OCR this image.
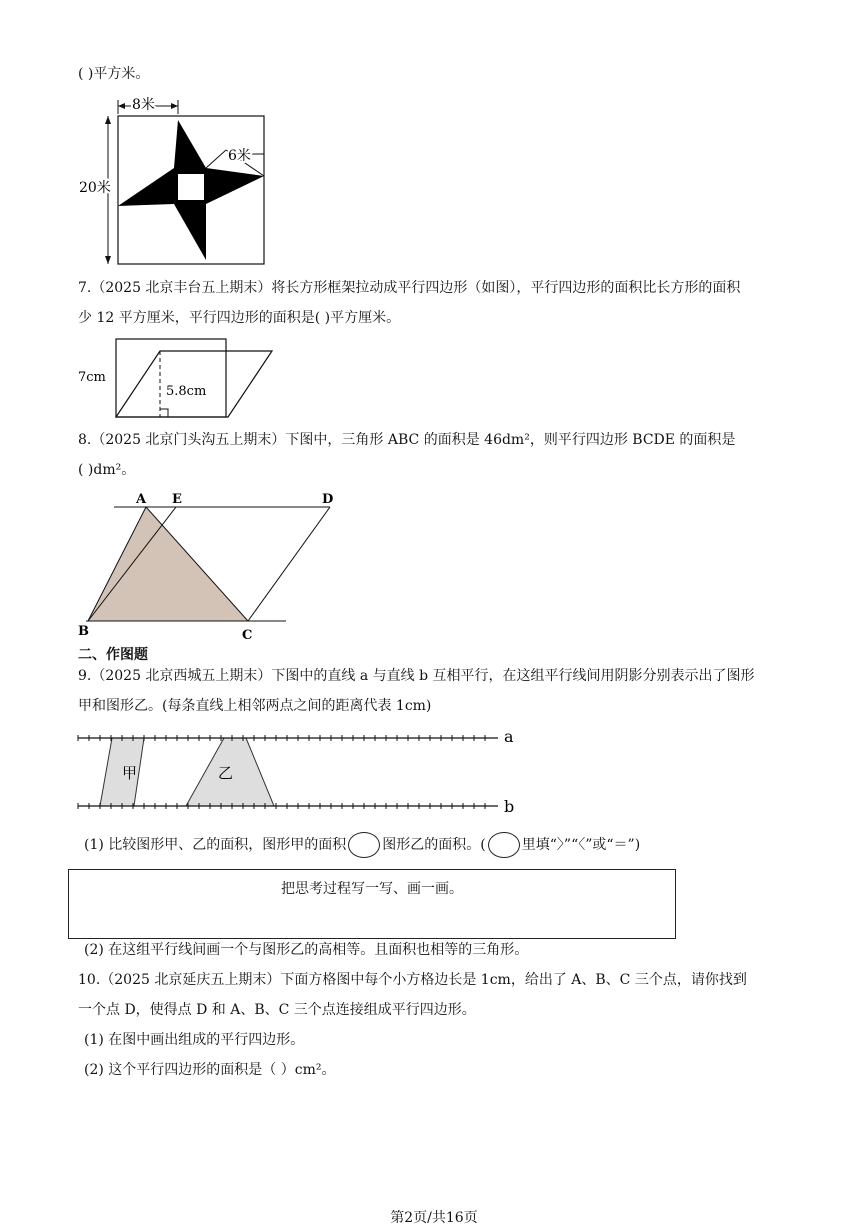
( )平方米。
8米
20米
6米
7.（2025 北京丰台五上期末）将长方形框架拉动成平行四边形（如图），平行四边形的面积比长方形的面积
少 12 平方厘米，平行四边形的面积是( )平方厘米。
7cm
5.8cm
8.（2025 北京门头沟五上期末）下图中，三角形 ABC 的面积是 46dm²，则平行四边形 BCDE 的面积是
( )dm²。
A E	D
B	C
二、作图题
9.（2025 北京西城五上期末）下图中的直线 a 与直线 b 互相平行，在这组平行线间用阴影分别表示出了图形
甲和图形乙。(每条直线上相邻两点之间的距离代表 1cm)
甲	乙
a
b
(1) 比较图形甲、乙的面积，图形甲的面积	图形乙的面积。(	里填“〉”“〈”或“＝”)
把思考过程写一写、画一画。
(2) 在这组平行线间画一个与图形乙的高相等。且面积也相等的三角形。
10.（2025 北京延庆五上期末）下面方格图中每个小方格边长是 1cm，给出了 A、B、C 三个点，请你找到
一个点 D，使得点 D 和 A、B、C 三个点连接组成平行四边形。
(1) 在图中画出组成的平行四边形。
(2) 这个平行四边形的面积是（ ）cm²。
第2页/共16页
